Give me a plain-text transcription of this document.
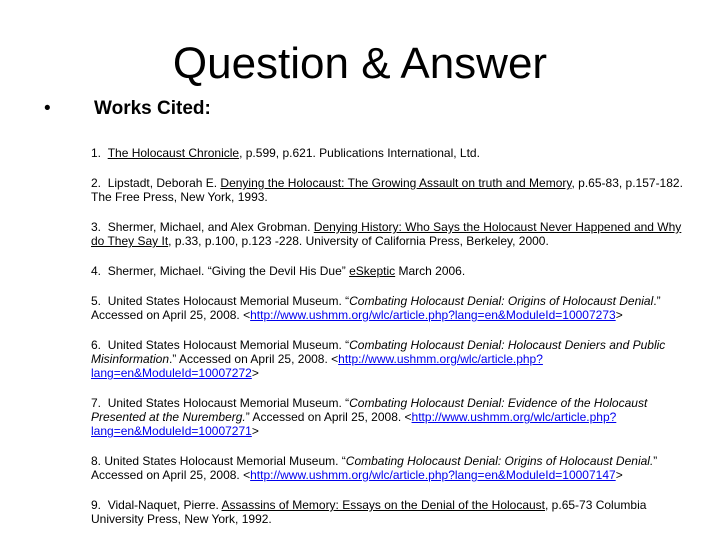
Question & Answer
• Works Cited:
1. The Holocaust Chronicle, p.599, p.621. Publications International, Ltd.
2. Lipstadt, Deborah E. Denying the Holocaust: The Growing Assault on truth and Memory, p.65-83, p.157-182. The Free Press, New York, 1993.
3. Shermer, Michael, and Alex Grobman. Denying History: Who Says the Holocaust Never Happened and Why do They Say It, p.33, p.100, p.123 -228. University of California Press, Berkeley, 2000.
4. Shermer, Michael. “Giving the Devil His Due” eSkeptic March 2006.
5. United States Holocaust Memorial Museum. “Combating Holocaust Denial: Origins of Holocaust Denial.” Accessed on April 25, 2008. <http://www.ushmm.org/wlc/article.php?lang=en&ModuleId=10007273>
6. United States Holocaust Memorial Museum. “Combating Holocaust Denial: Holocaust Deniers and Public Misinformation.” Accessed on April 25, 2008. <http://www.ushmm.org/wlc/article.php?lang=en&ModuleId=10007272>
7. United States Holocaust Memorial Museum. “Combating Holocaust Denial: Evidence of the Holocaust Presented at the Nuremberg.” Accessed on April 25, 2008. <http://www.ushmm.org/wlc/article.php?lang=en&ModuleId=10007271>
8. United States Holocaust Memorial Museum. “Combating Holocaust Denial: Origins of Holocaust Denial.” Accessed on April 25, 2008. <http://www.ushmm.org/wlc/article.php?lang=en&ModuleId=10007147>
9. Vidal-Naquet, Pierre. Assassins of Memory: Essays on the Denial of the Holocaust, p.65-73 Columbia University Press, New York, 1992.
